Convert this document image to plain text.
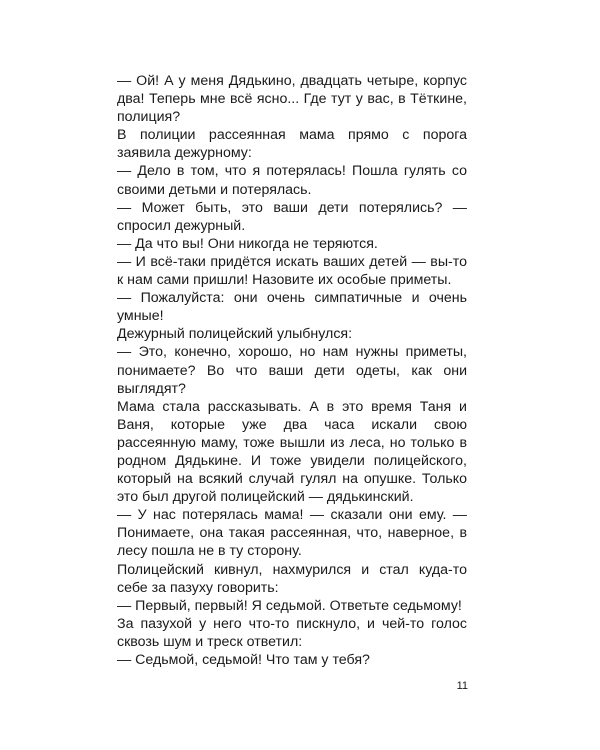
— Ой! А у меня Дядькино, двадцать четыре, корпус два! Теперь мне всё ясно... Где тут у вас, в Тёткине, полиция?

В полиции рассеянная мама прямо с порога заявила дежурному:

— Дело в том, что я потерялась! Пошла гулять со своими детьми и потерялась.

— Может быть, это ваши дети потерялись? — спросил дежурный.

— Да что вы! Они никогда не теряются.

— И всё-таки придётся искать ваших детей — вы-то к нам сами пришли! Назовите их особые приметы.

— Пожалуйста: они очень симпатичные и очень умные!

Дежурный полицейский улыбнулся:

— Это, конечно, хорошо, но нам нужны приметы, понимаете? Во что ваши дети одеты, как они выглядят?

Мама стала рассказывать. А в это время Таня и Ваня, которые уже два часа искали свою рассеянную маму, тоже вышли из леса, но только в родном Дядькине. И тоже увидели полицейского, который на всякий случай гулял на опушке. Только это был другой полицейский — дядькинский.

— У нас потерялась мама! — сказали они ему. — Понимаете, она такая рассеянная, что, наверное, в лесу пошла не в ту сторону.

Полицейский кивнул, нахмурился и стал куда-то себе за пазуху говорить:

— Первый, первый! Я седьмой. Ответьте седьмому!

За пазухой у него что-то пискнуло, и чей-то голос сквозь шум и треск ответил:

— Седьмой, седьмой! Что там у тебя?

11
